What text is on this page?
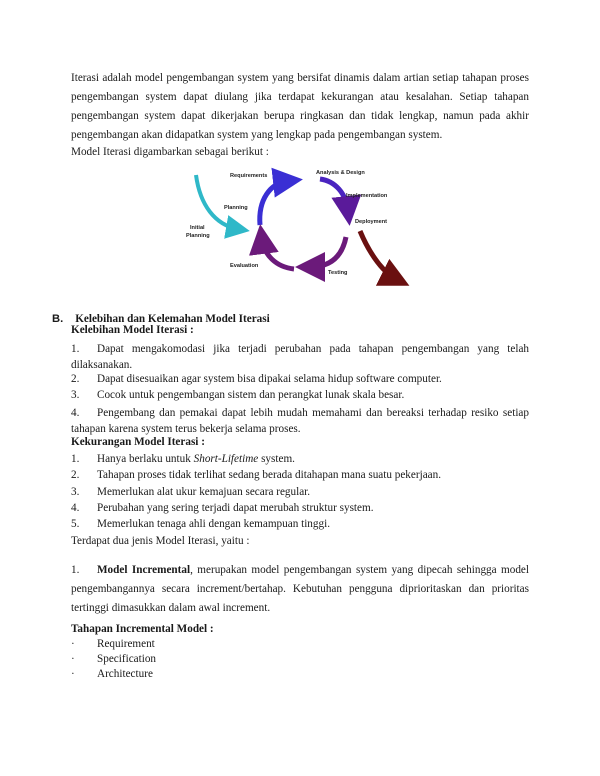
Iterasi adalah model pengembangan system yang bersifat dinamis dalam artian setiap tahapan proses pengembangan system dapat diulang jika terdapat kekurangan atau kesalahan. Setiap tahapan pengembangan system dapat dikerjakan berupa ringkasan dan tidak lengkap, namun pada akhir pengembangan akan didapatkan system yang lengkap pada pengembangan system.

Model Iterasi digambarkan sebagai berikut :
Requirements	Analysis & Design
Implementation
Planning
Deployment
Initial
Planning
Evaluation
Testing
B. Kelebihan dan Kelemahan Model Iterasi
Kelebihan Model Iterasi :

1. Dapat mengakomodasi jika terjadi perubahan pada tahapan pengembangan yang telah dilaksanakan.

2. Dapat disesuaikan agar system bisa dipakai selama hidup software computer.
3. Cocok untuk pengembangan sistem dan perangkat lunak skala besar.

4. Pengembang dan pemakai dapat lebih mudah memahami dan bereaksi terhadap resiko setiap tahapan karena system terus bekerja selama proses.

Kekurangan Model Iterasi :
1. Hanya berlaku untuk Short-Lifetime system.
2. Tahapan proses tidak terlihat sedang berada ditahapan mana suatu pekerjaan.
3. Memerlukan alat ukur kemajuan secara regular.
4. Perubahan yang sering terjadi dapat merubah struktur system.
5. Memerlukan tenaga ahli dengan kemampuan tinggi.
Terdapat dua jenis Model Iterasi, yaitu :

1. Model Incremental, merupakan model pengembangan system yang dipecah sehingga model pengembangannya secara increment/bertahap. Kebutuhan pengguna diprioritaskan dan prioritas tertinggi dimasukkan dalam awal increment.

Tahapan Incremental Model :
· Requirement
· Specification
· Architecture
